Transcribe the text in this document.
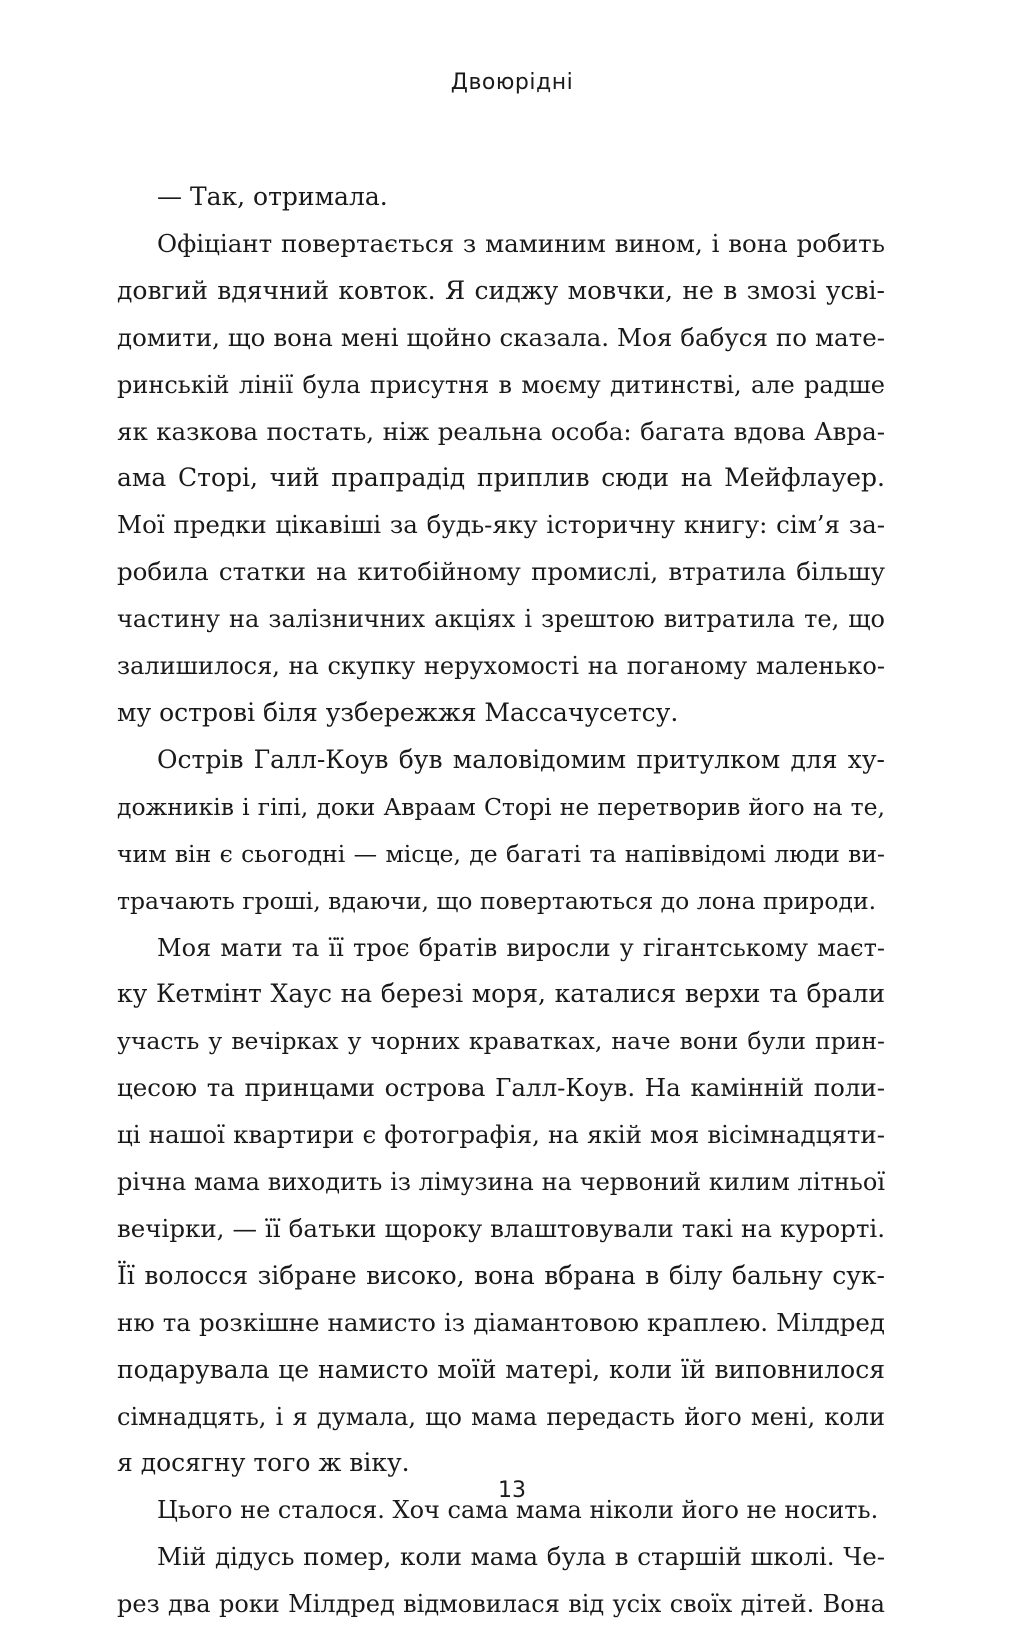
Двоюрідні

— Так, отримала.

Офіціант повертається з маминим вином, і вона робить
довгий вдячний ковток. Я сиджу мовчки, не в змозі усві-
домити, що вона мені щойно сказала. Моя бабуся по мате-
ринській лінії була присутня в моєму дитинстві, але радше
як казкова постать, ніж реальна особа: багата вдова Авра-
ама Сторі, чий прапрадід приплив сюди на Мейфлауер.
Мої предки цікавіші за будь-яку історичну книгу: сім’я за-
робила статки на китобійному промислі, втратила більшу
частину на залізничних акціях і зрештою витратила те, що
залишилося, на скупку нерухомості на поганому маленько-
му острові біля узбережжя Массачусетсу.

Острів Галл-Коув був маловідомим притулком для ху-
дожників і гіпі, доки Авраам Сторі не перетворив його на те,
чим він є сьогодні — місце, де багаті та напіввідомі люди ви-
трачають гроші, вдаючи, що повертаються до лона природи.

Моя мати та її троє братів виросли у гігантському маєт-
ку Кетмінт Хаус на березі моря, каталися верхи та брали
участь у вечірках у чорних краватках, наче вони були прин-
цесою та принцами острова Галл-Коув. На камінній поли-
ці нашої квартири є фотографія, на якій моя вісімнадцяти-
річна мама виходить із лімузина на червоний килим літньої
вечірки, — її батьки щороку влаштовували такі на курорті.
Її волосся зібране високо, вона вбрана в білу бальну сук-
ню та розкішне намисто із діамантовою краплею. Мілдред
подарувала це намисто моїй матері, коли їй виповнилося
сімнадцять, і я думала, що мама передасть його мені, коли
я досягну того ж віку.

Цього не сталося. Хоч сама мама ніколи його не носить.

Мій дідусь помер, коли мама була в старшій школі. Че-
рез два роки Мілдред відмовилася від усіх своїх дітей. Вона

13
